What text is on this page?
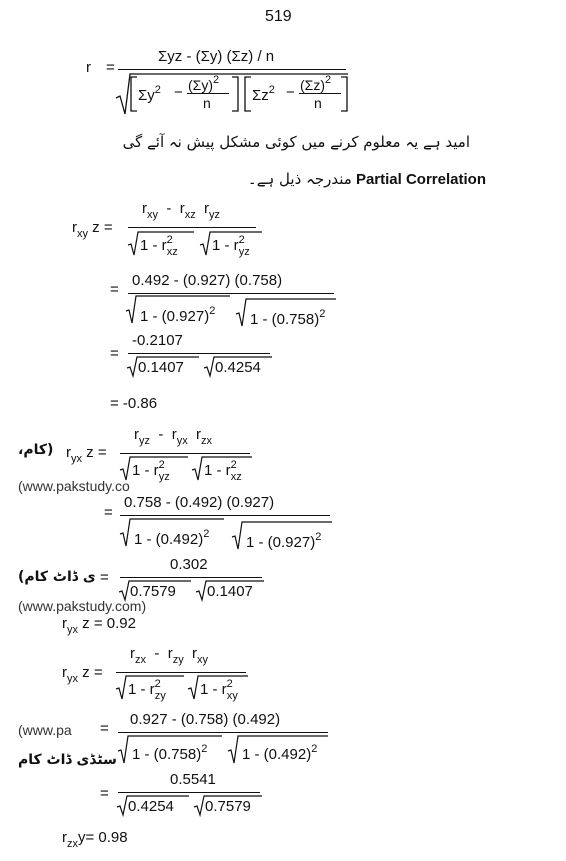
519
r =
Σyz - (Σy) (Σz) / n
$\Sigma y^2 - (\Sigma y)^2$
n	$\Sigma z^2 - (\Sigma z)^2$
n
امید ہے یہ معلوم کرنے میں کوئی مشکل پیش نہ آئے گی
مندرجہ ذیل ہے۔ Partial Correlation
$r_{xy}$ z =
$r_{xy} - r_{xz}$ $r_{yz}$
$1 - r^2_{xz}$ $1 - r^2_{yz}$
=
0.492 - (0.927) (0.758)
$1 - (0.927)^2$ $1 - (0.758)^2$
=
-0.2107
0.1407 0.4254
= -0.86
(کام،	$r_{yx}$ z =
$r_{yz} - r_{yx}$ $r_{zx}$
$1 - r^2_{yz}$ $1 - r^2_{xz}$
(www.pakstudy.co
=
0.758 - (0.492) (0.927)
$1 - (0.492)^2$ $1 - (0.927)^2$
ی ڈاٹ کام) =
0.302
0.7579 0.1407
(www.pakstudy.com)
$r_{yx}$ z = 0.92
$r_{yx}$ z =
$r_{zx} - r_{zy}$ $r_{xy}$
$1 - r^2_{zy}$ $1 - r^2_{xy}$
(www.pa =
0.927 - (0.758) (0.492)
$1 - (0.758)^2$ $1 - (0.492)^2$
سٹڈی ڈاٹ کام
=
0.5541
0.4254 0.7579
$r_{zx}y= 0.98$
